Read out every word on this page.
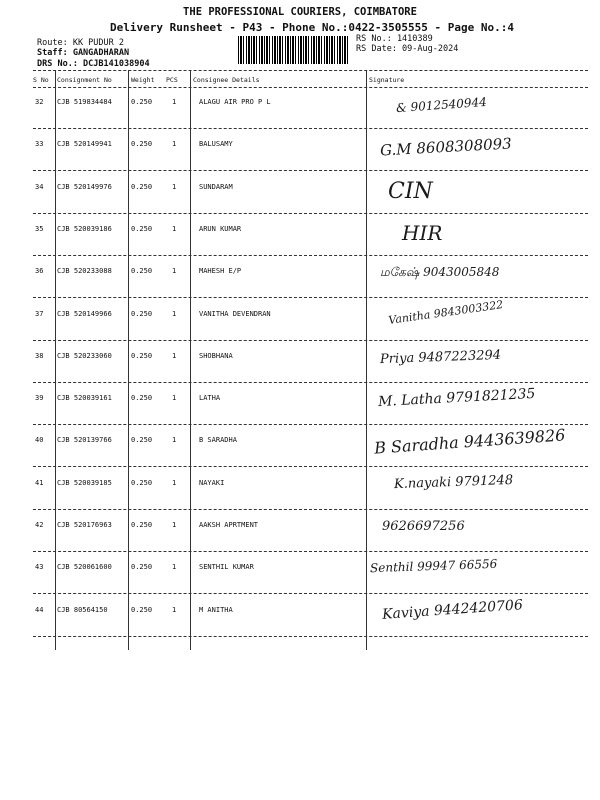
THE PROFESSIONAL COURIERS, COIMBATORE
Delivery Runsheet - P43 - Phone No.:0422-3505555 - Page No.:4
Route: KK PUDUR 2
Staff: GANGADHARAN
DRS No.: DCJB141038904
RS No.: 1410389
RS Date: 09-Aug-2024
S No Consignment No	Weight PCS Consignee Details	Signature
32 CJB 519834484	0.250	1	ALAGU AIR PRO P L	& 9012540944
33 CJB 520149941	0.250	1	BALUSAMY	G.M 8608308093
34 CJB 520149976	0.250	1	SUNDARAM	CIN
35 CJB 520039186	0.250	1	ARUN KUMAR	HIR
36 CJB 520233088	0.250	1	MAHESH E/P	மகேஷ் 9043005848
37 CJB 520149966	0.250	1	VANITHA DEVENDRAN	Vanitha 9843003322
38 CJB 520233060	0.250	1	SHOBHANA	Priya 9487223294
39 CJB 520039161	0.250	1	LATHA	M. Latha 9791821235
40 CJB 520139766	0.250	1	B SARADHA	B Saradha 9443639826
41 CJB 520039185	0.250	1	NAYAKI	K.nayaki 9791248
42 CJB 520176963	0.250	1	AAKSH APRTMENT	9626697256
43 CJB 520061600	0.250	1	SENTHIL KUMAR	Senthil 99947 66556
44 CJB 80564150	0.250	1	M ANITHA	Kaviya 9442420706
